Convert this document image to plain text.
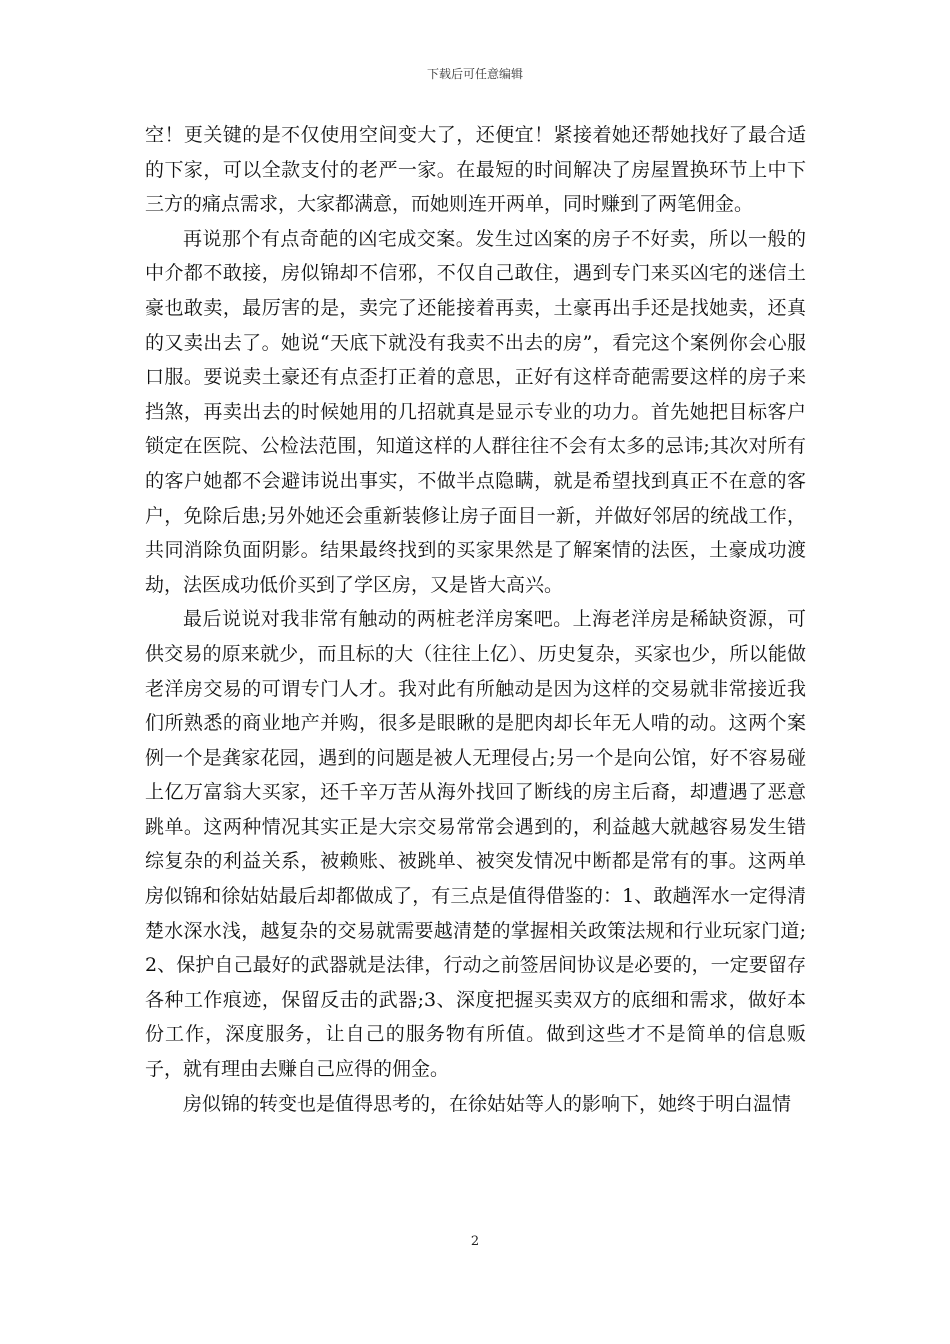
下载后可任意编辑

空！更关键的是不仅使用空间变大了，还便宜！紧接着她还帮她找好了最合适的下家，可以全款支付的老严一家。在最短的时间解决了房屋置换环节上中下三方的痛点需求，大家都满意，而她则连开两单，同时赚到了两笔佣金。

再说那个有点奇葩的凶宅成交案。发生过凶案的房子不好卖，所以一般的中介都不敢接，房似锦却不信邪，不仅自己敢住，遇到专门来买凶宅的迷信土豪也敢卖，最厉害的是，卖完了还能接着再卖，土豪再出手还是找她卖，还真的又卖出去了。她说“天底下就没有我卖不出去的房”，看完这个案例你会心服口服。要说卖土豪还有点歪打正着的意思，正好有这样奇葩需要这样的房子来挡煞，再卖出去的时候她用的几招就真是显示专业的功力。首先她把目标客户锁定在医院、公检法范围，知道这样的人群往往不会有太多的忌讳;其次对所有的客户她都不会避讳说出事实，不做半点隐瞒，就是希望找到真正不在意的客户，免除后患;另外她还会重新装修让房子面目一新，并做好邻居的统战工作，共同消除负面阴影。结果最终找到的买家果然是了解案情的法医，土豪成功渡劫，法医成功低价买到了学区房，又是皆大高兴。

最后说说对我非常有触动的两桩老洋房案吧。上海老洋房是稀缺资源，可供交易的原来就少，而且标的大（往往上亿）、历史复杂，买家也少，所以能做老洋房交易的可谓专门人才。我对此有所触动是因为这样的交易就非常接近我们所熟悉的商业地产并购，很多是眼瞅的是肥肉却长年无人啃的动。这两个案例一个是龚家花园，遇到的问题是被人无理侵占;另一个是向公馆，好不容易碰上亿万富翁大买家，还千辛万苦从海外找回了断线的房主后裔，却遭遇了恶意跳单。这两种情况其实正是大宗交易常常会遇到的，利益越大就越容易发生错综复杂的利益关系，被赖账、被跳单、被突发情况中断都是常有的事。这两单房似锦和徐姑姑最后却都做成了，有三点是值得借鉴的：1、敢趟浑水一定得清楚水深水浅，越复杂的交易就需要越清楚的掌握相关政策法规和行业玩家门道;2、保护自己最好的武器就是法律，行动之前签居间协议是必要的，一定要留存各种工作痕迹，保留反击的武器;3、深度把握买卖双方的底细和需求，做好本份工作，深度服务，让自己的服务物有所值。做到这些才不是简单的信息贩子，就有理由去赚自己应得的佣金。

房似锦的转变也是值得思考的，在徐姑姑等人的影响下，她终于明白温情

2
